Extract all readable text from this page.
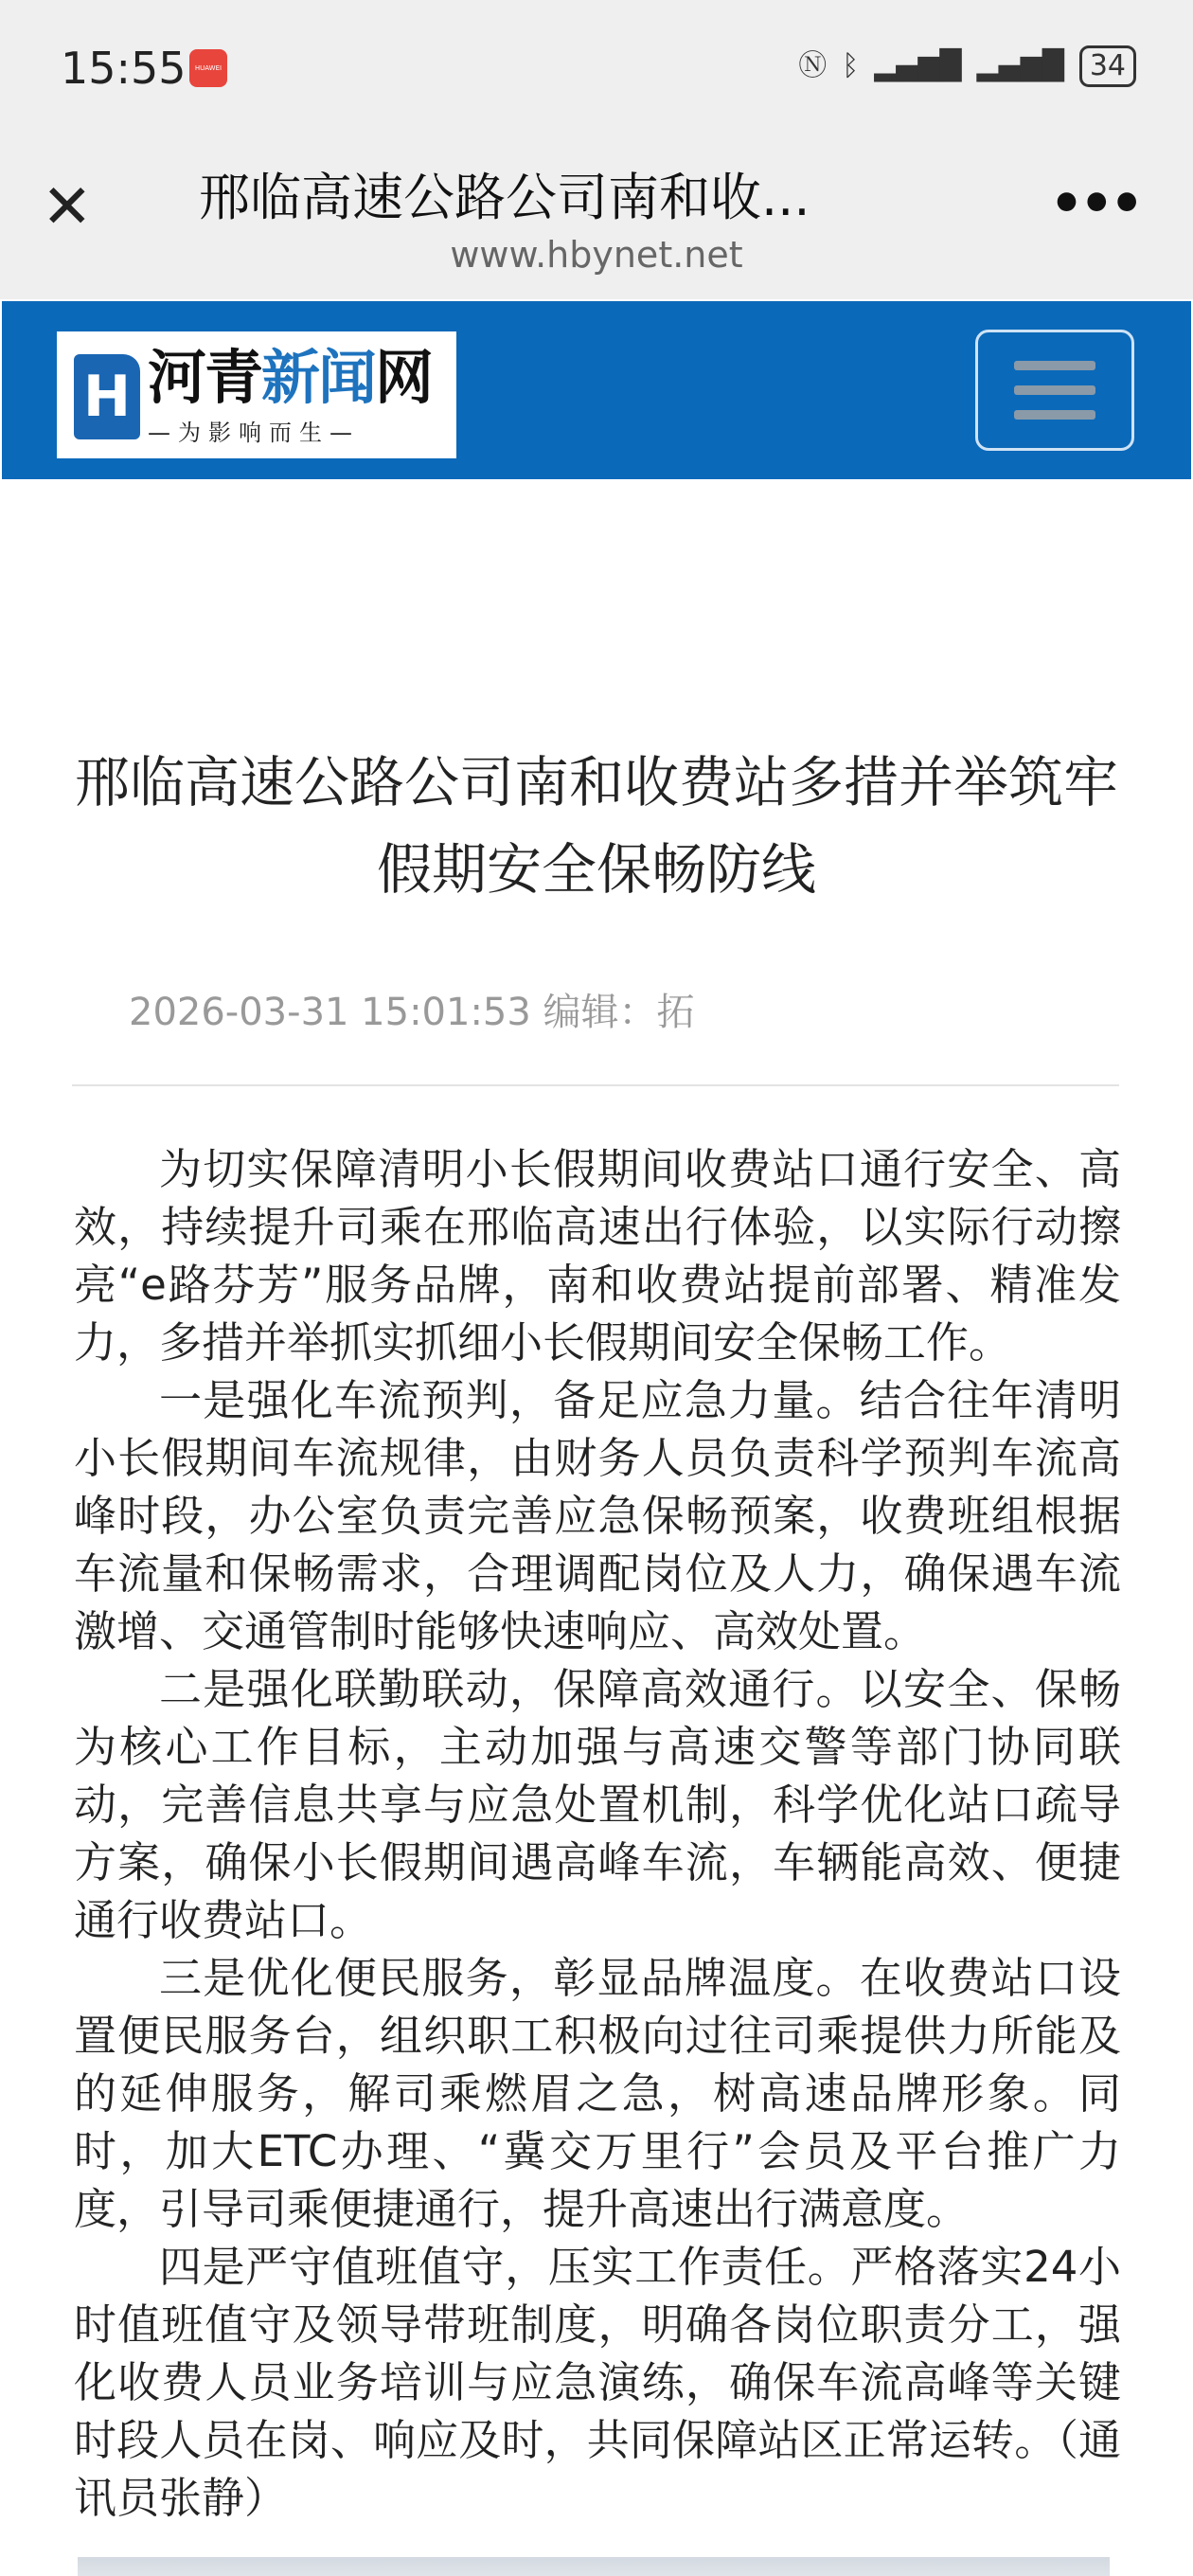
15:55	HUAWEI	Ⓝ ᛒ ▂▄▆█ ▂▄▆█ 34
✕ 邢临高速公路公司南和收...
www.hbynet.net
•••
H 河青新闻网
—为影响而生—
邢临高速公路公司南和收费站多措并举筑牢假期安全保畅防线
2026-03-31 15:01:53 编辑：拓

为切实保障清明小长假期间收费站口通行安全、高效，持续提升司乘在邢临高速出行体验，以实际行动擦亮“e路芬芳”服务品牌，南和收费站提前部署、精准发力，多措并举抓实抓细小长假期间安全保畅工作。

一是强化车流预判，备足应急力量。结合往年清明小长假期间车流规律，由财务人员负责科学预判车流高峰时段，办公室负责完善应急保畅预案，收费班组根据车流量和保畅需求，合理调配岗位及人力，确保遇车流激增、交通管制时能够快速响应、高效处置。

二是强化联勤联动，保障高效通行。以安全、保畅为核心工作目标，主动加强与高速交警等部门协同联动，完善信息共享与应急处置机制，科学优化站口疏导方案，确保小长假期间遇高峰车流，车辆能高效、便捷通行收费站口。

三是优化便民服务，彰显品牌温度。在收费站口设置便民服务台，组织职工积极向过往司乘提供力所能及的延伸服务，解司乘燃眉之急，树高速品牌形象。同时，加大ETC办理、“冀交万里行”会员及平台推广力度，引导司乘便捷通行，提升高速出行满意度。

四是严守值班值守，压实工作责任。严格落实24小时值班值守及领导带班制度，明确各岗位职责分工，强化收费人员业务培训与应急演练，确保车流高峰等关键时段人员在岗、响应及时，共同保障站区正常运转。（通讯员张静）
